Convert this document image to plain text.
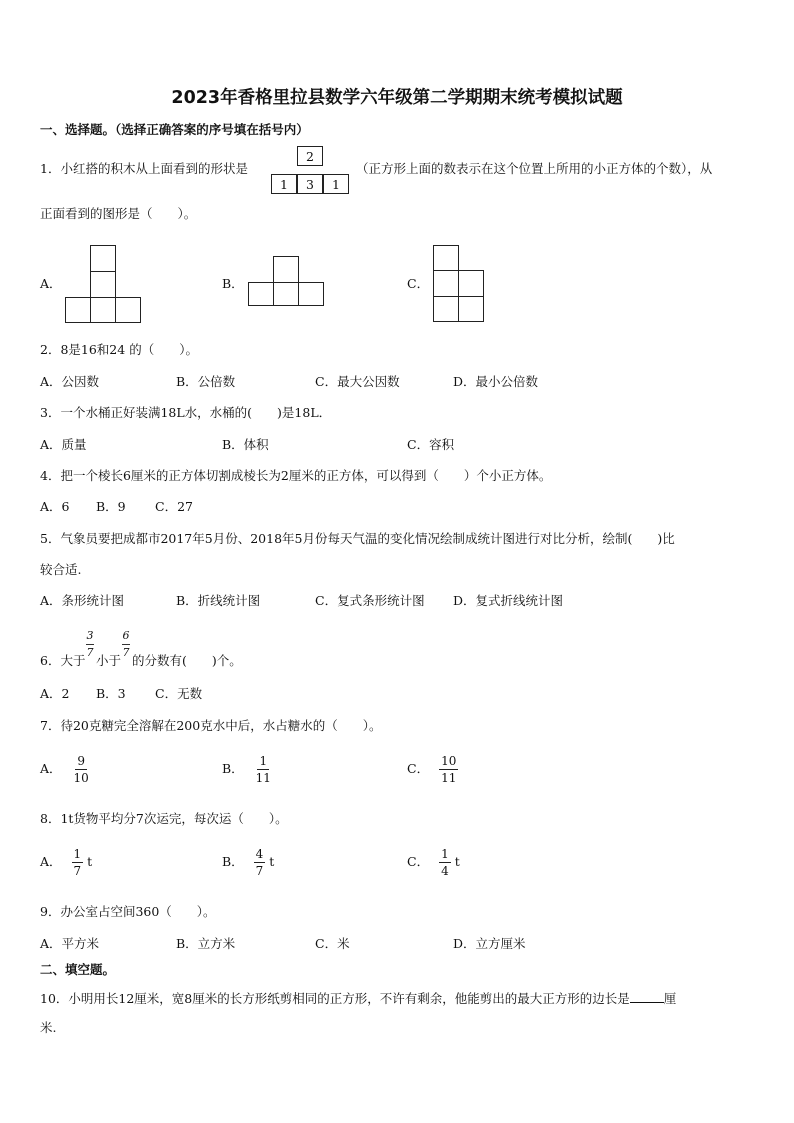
2023年香格里拉县数学六年级第二学期期末统考模拟试题
一、选择题。（选择正确答案的序号填在括号内）
1．小红搭的积木从上面看到的形状是
2
1	3	1
（正方形上面的数表示在这个位置上所用的小正方体的个数），从
正面看到的图形是（　　）。
A．	B．	C．
2．8是16和24 的（　　）。
A．公因数	B．公倍数	C．最大公因数	D．最小公倍数
3．一个水桶正好装满18L水，水桶的(　　)是18L．
A．质量	B．体积	C．容积
4．把一个棱长6厘米的正方体切割成棱长为2厘米的正方体，可以得到（　　）个小正方体。
A．6 B．9 C．27
5．气象员要把成都市2017年5月份、2018年5月份每天气温的变化情况绘制成统计图进行对比分析，绘制(　　)比
较合适.
A．条形统计图	B．折线统计图	C．复式条形统计图 D．复式折线统计图
6．大于
$\frac{3}{7}$
小于
$\frac{6}{7}$
的分数有(　　)个。
A．2 B．3 C．无数
7．待20克糖完全溶解在200克水中后，水占糖水的（　　）。
A． $\frac{9}{10}$	B． $\frac{1}{11}$	C． $\frac{10}{11}$
8．1t货物平均分7次运完，每次运（　　）。
A． $\frac{1}{7}$ t	B． $\frac{4}{7}$ t	C． $\frac{1}{4}$ t
9．办公室占空间360（　　）。
A．平方米	B．立方米	C．米	D．立方厘米
二、填空题。
10．小明用长12厘米，宽8厘米的长方形纸剪相同的正方形，不许有剩余，他能剪出的最大正方形的边长是	厘
米.
